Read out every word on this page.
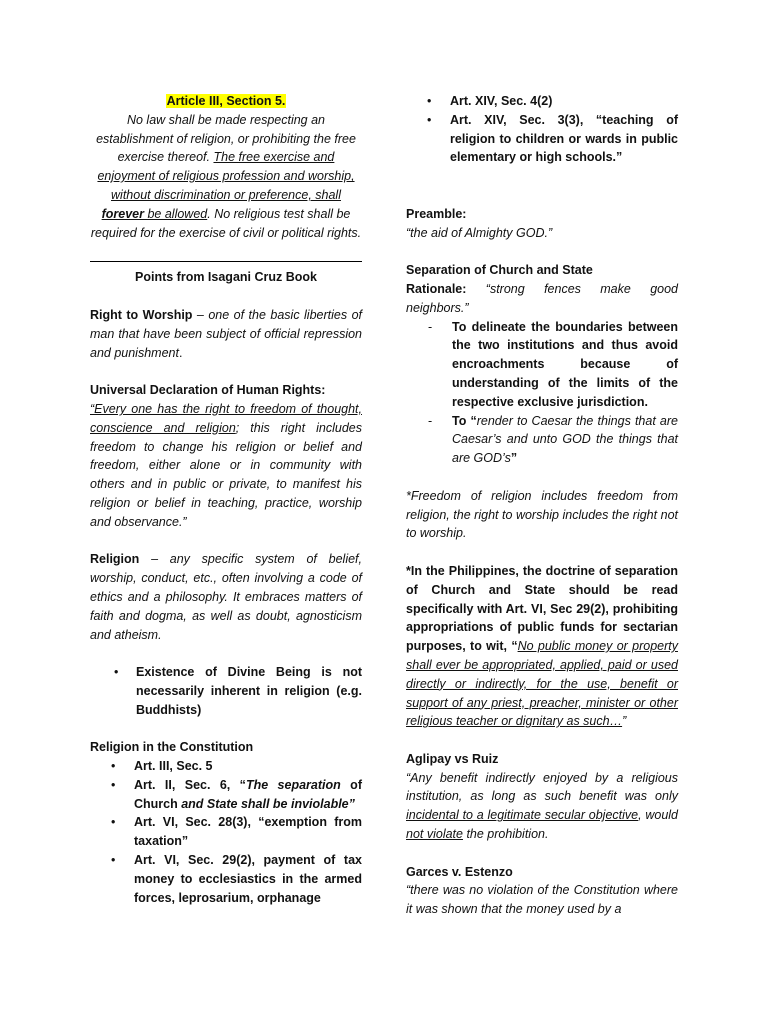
Article III, Section 5.

No law shall be made respecting an establishment of religion, or prohibiting the free exercise thereof. The free exercise and enjoyment of religious profession and worship, without discrimination or preference, shall forever be allowed. No religious test shall be required for the exercise of civil or political rights.

Points from Isagani Cruz Book

Right to Worship – one of the basic liberties of man that have been subject of official repression and punishment.

Universal Declaration of Human Rights:

“Every one has the right to freedom of thought, conscience and religion; this right includes freedom to change his religion or belief and freedom, either alone or in community with others and in public or private, to manifest his religion or belief in teaching, practice, worship and observance.”

Religion – any specific system of belief, worship, conduct, etc., often involving a code of ethics and a philosophy. It embraces matters of faith and dogma, as well as doubt, agnosticism and atheism.

• Existence of Divine Being is not necessarily inherent in religion (e.g. Buddhists)

Religion in the Constitution

• Art. III, Sec. 5
• Art. II, Sec. 6, “The separation of Church and State shall be inviolable”
• Art. VI, Sec. 28(3), “exemption from taxation”
• Art. VI, Sec. 29(2), payment of tax money to ecclesiastics in the armed forces, leprosarium, orphanage
• Art. XIV, Sec. 4(2)
• Art. XIV, Sec. 3(3), “teaching of religion to children or wards in public elementary or high schools.”

Preamble:

“the aid of Almighty GOD.”

Separation of Church and State

Rationale: “strong fences make good neighbors.”

- To delineate the boundaries between the two institutions and thus avoid encroachments because of understanding of the limits of the respective exclusive jurisdiction.
- To “render to Caesar the things that are Caesar’s and unto GOD the things that are GOD’s”

*Freedom of religion includes freedom from religion, the right to worship includes the right not to worship.

*In the Philippines, the doctrine of separation of Church and State should be read specifically with Art. VI, Sec 29(2), prohibiting appropriations of public funds for sectarian purposes, to wit, “No public money or property shall ever be appropriated, applied, paid or used directly or indirectly, for the use, benefit or support of any priest, preacher, minister or other religious teacher or dignitary as such…”

Aglipay vs Ruiz

“Any benefit indirectly enjoyed by a religious institution, as long as such benefit was only incidental to a legitimate secular objective, would not violate the prohibition.

Garces v. Estenzo

“there was no violation of the Constitution where it was shown that the money used by a
